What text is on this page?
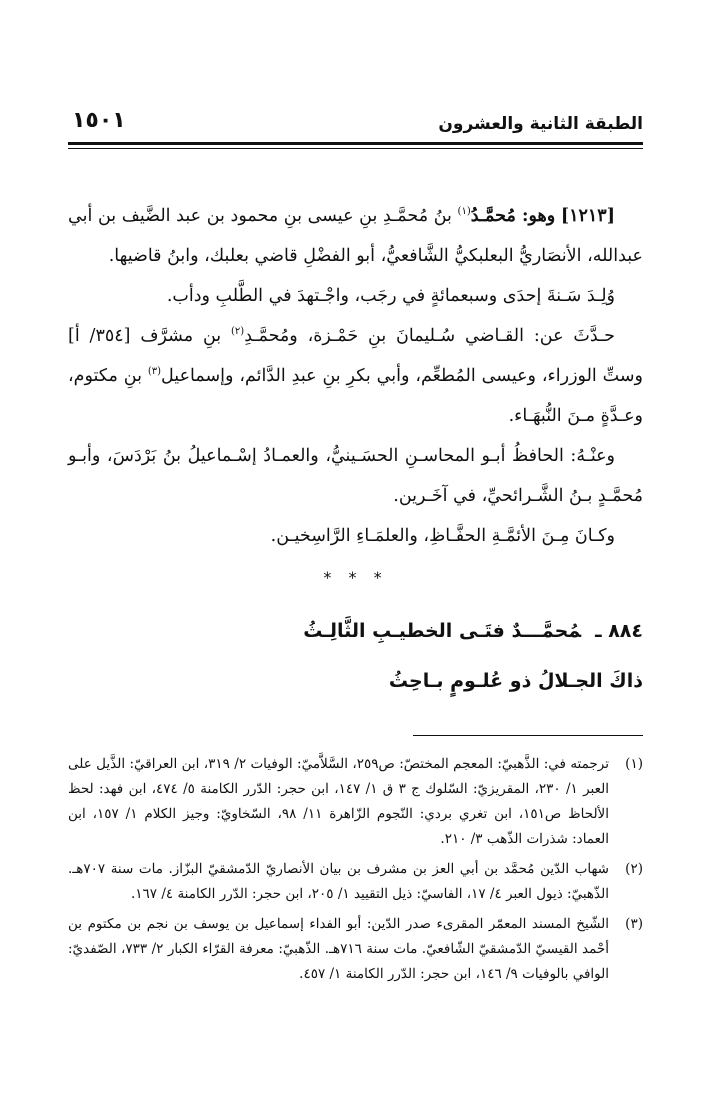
الطبقة الثانية والعشرون
١٥٠١

[١٢١٣] وهو: مُحمَّـدُ$^{(١)}$ بنُ مُحمَّـدِ بنِ عيسى بنِ محمود بن عبد الضَّيف بن أبي عبدالله، الأنصَاريُّ البعلبكيُّ الشَّافعيُّ، أبو الفضْلِ قاضي بعلبك، وابنُ قاضيها.

وُلِـدَ سَـنةَ إحدَى وسبعمائةٍ في رجَب، واجْـتهدَ في الطَّلبِ ودأب.

حـدَّثَ عن: القـاضي سُـليمانَ بنِ حَمْـزة، ومُحمَّـدِ$^{(٢)}$ بنِ مشرَّف [٣٥٤/ أ] وستِّ الوزراء، وعيسى المُطعِّم، وأبي بكرِ بنِ عبدِ الدَّائم، وإسماعيل$^{(٣)}$ بنِ مكتوم، وعـدَّةٍ مـنَ النُّبهَـاء.

وعنْـهُ: الحافظُ أبـو المحاسـنِ الحسَـينيُّ، والعمـادُ إسْـماعيلُ بنُ بَرْدَسَ، وأبـو مُحمَّـدٍ بـنُ الشَّـرائحيِّ، في آخَـرين.

وكـانَ مِـنَ الأئمَّـةِ الحفَّـاظِ، والعلمَـاءِ الرَّاسِخيـن.

* * *
٨٨٤ ـمُحمَّـــدٌ فتَـى الخطيـبِ الثَّالِـثُ
ذاكَ الجـلالُ ذو عُلـومٍ بـاحِثُ
(١)
ترجمته في: الذَّهبيّ: المعجم المختصّ: ص٢٥٩، السَّلاَّميّ: الوفيات ٢/ ٣١٩، ابن العراقيّ: الذَّيل على العبر ١/ ٢٣٠، المقريزيّ: السّلوك ج ٣ ق ١/ ١٤٧، ابن حجر: الدّرر الكامنة ٥/ ٤٧٤، ابن فهد: لحظ الألحاظ ص١٥١، ابن تغري بردي: النّجوم الزّاهرة ١١/ ٩٨، السّخاويّ: وجيز الكلام ١/ ١٥٧، ابن العماد: شذرات الذّهب ٣/ ٢١٠.
(٢)
شهاب الدّين مُحمَّد بن أبي العز بن مشرف بن بيان الأنصاريّ الدّمشقيّ البزّاز. مات سنة ٧٠٧هـ. الذّهبيّ: ذيول العبر ٤/ ١٧، الفاسيّ: ذيل التقييد ١/ ٢٠٥، ابن حجر: الدّرر الكامنة ٤/ ١٦٧.
(٣)
الشّيخ المسند المعمّر المقرىء صدر الدّين: أبو الفداء إسماعيل بن يوسف بن نجم بن مكتوم بن أحْمد القيسيّ الدّمشقيّ الشّافعيّ. مات سنة ٧١٦هـ. الذّهبيّ: معرفة القرّاء الكبار ٢/ ٧٣٣، الصّفديّ: الوافي بالوفيات ٩/ ١٤٦، ابن حجر: الدّرر الكامنة ١/ ٤٥٧.
